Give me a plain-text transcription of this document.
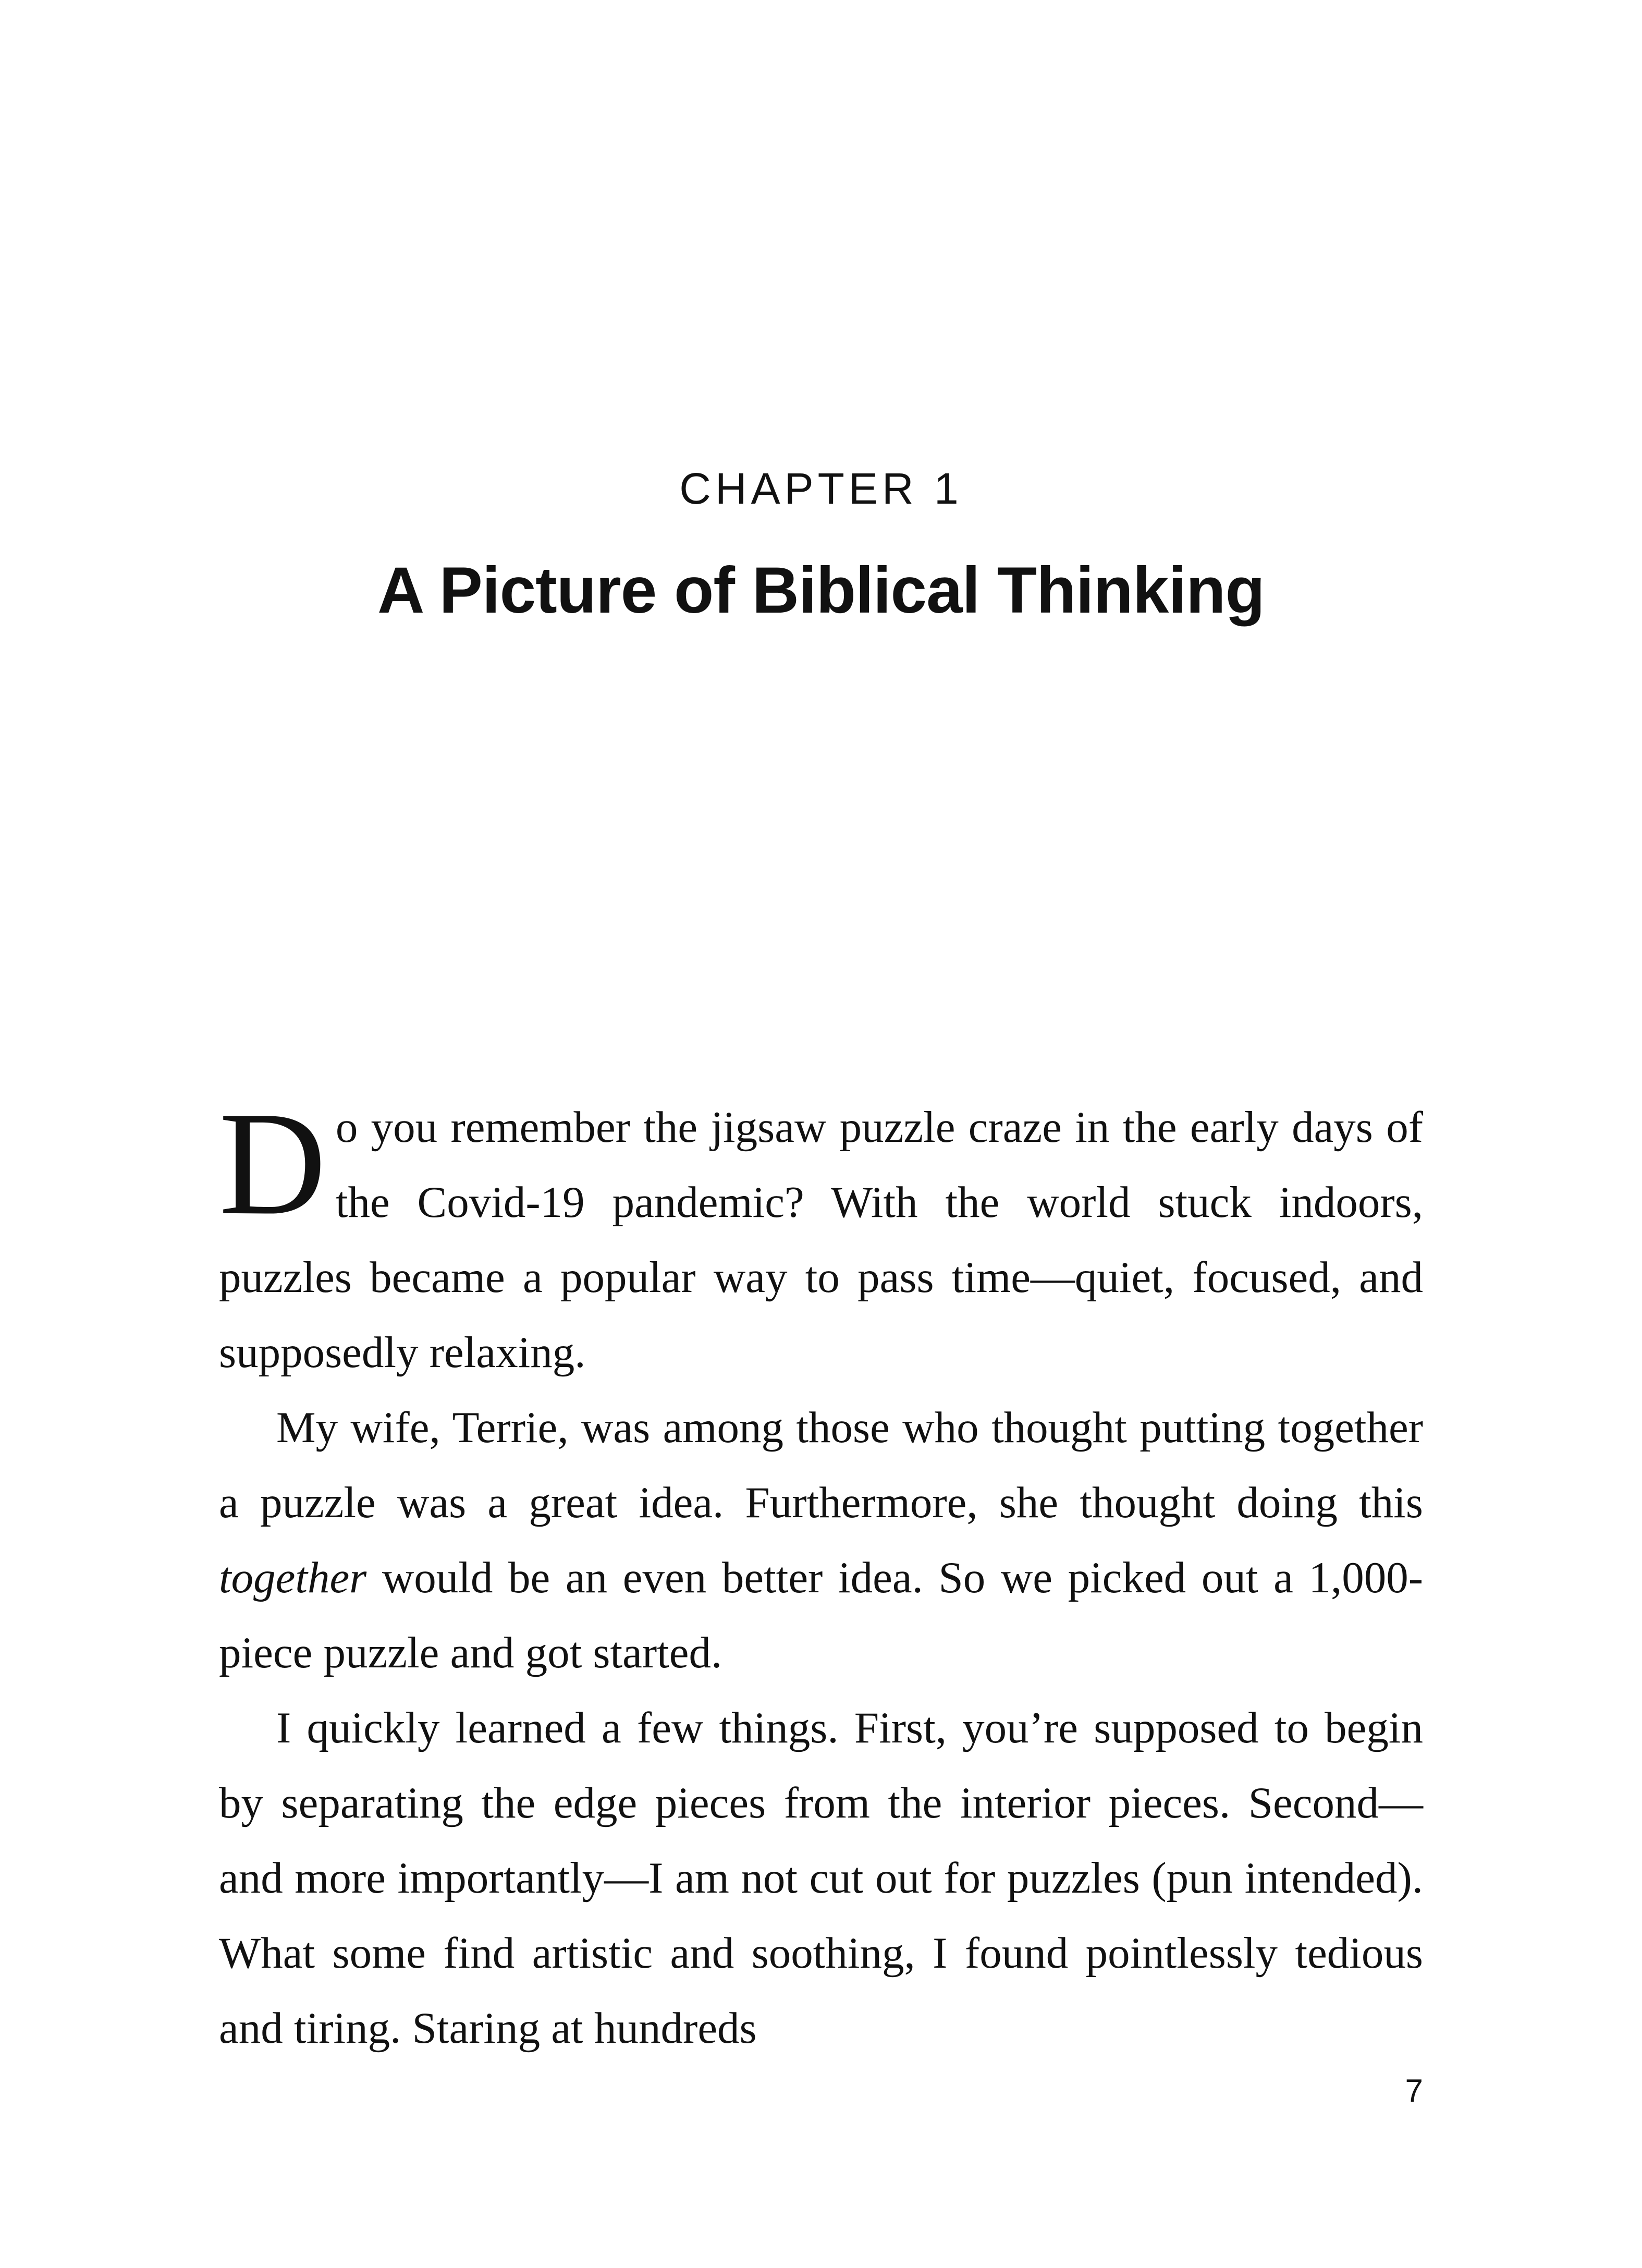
CHAPTER 1
A Picture of Biblical Thinking

Do you remember the jigsaw puzzle craze in the early days of the Covid-19 pandemic? With the world stuck indoors, puzzles became a popular way to pass time—quiet, focused, and supposedly relaxing.

My wife, Terrie, was among those who thought putting together a puzzle was a great idea. Furthermore, she thought doing this together would be an even better idea. So we picked out a 1,000-piece puzzle and got started.

I quickly learned a few things. First, you’re supposed to begin by separating the edge pieces from the interior pieces. Second—and more importantly—I am not cut out for puzzles (pun intended). What some find artistic and soothing, I found pointlessly tedious and tiring. Staring at hundreds

7
